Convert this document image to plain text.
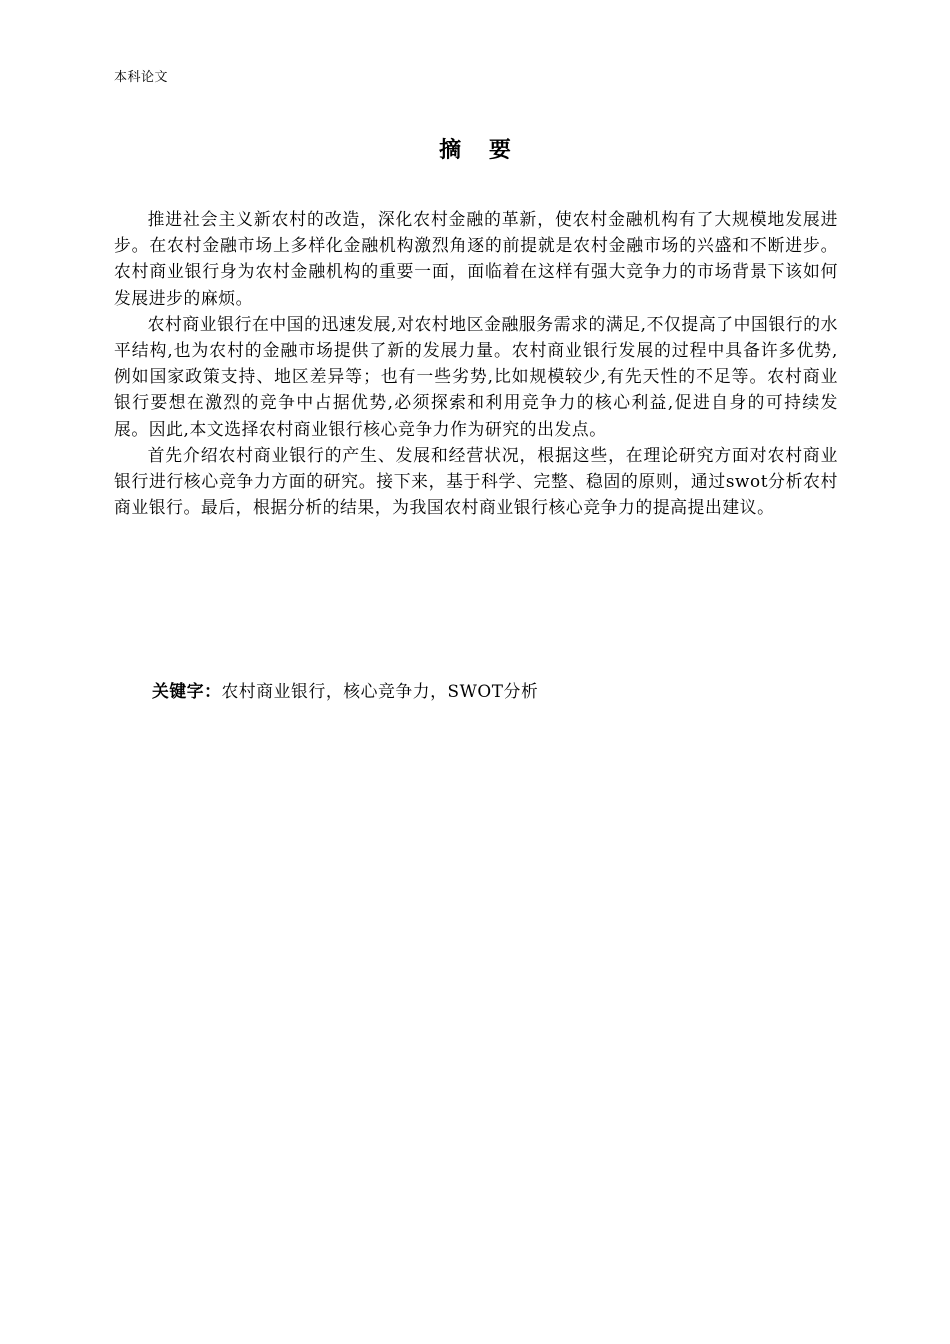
本科论文
摘 要

推进社会主义新农村的改造，深化农村金融的革新，使农村金融机构有了大规模地发展进步。在农村金融市场上多样化金融机构激烈角逐的前提就是农村金融市场的兴盛和不断进步。农村商业银行身为农村金融机构的重要一面，面临着在这样有强大竞争力的市场背景下该如何发展进步的麻烦。

农村商业银行在中国的迅速发展,对农村地区金融服务需求的满足,不仅提高了中国银行的水平结构,也为农村的金融市场提供了新的发展力量。农村商业银行发展的过程中具备许多优势,例如国家政策支持、地区差异等；也有一些劣势,比如规模较少,有先天性的不足等。农村商业银行要想在激烈的竞争中占据优势,必须探索和利用竞争力的核心利益,促进自身的可持续发展。因此,本文选择农村商业银行核心竞争力作为研究的出发点。

首先介绍农村商业银行的产生、发展和经营状况，根据这些，在理论研究方面对农村商业银行进行核心竞争力方面的研究。接下来，基于科学、完整、稳固的原则，通过swot分析农村商业银行。最后，根据分析的结果，为我国农村商业银行核心竞争力的提高提出建议。

关键字：农村商业银行，核心竞争力，SWOT分析
